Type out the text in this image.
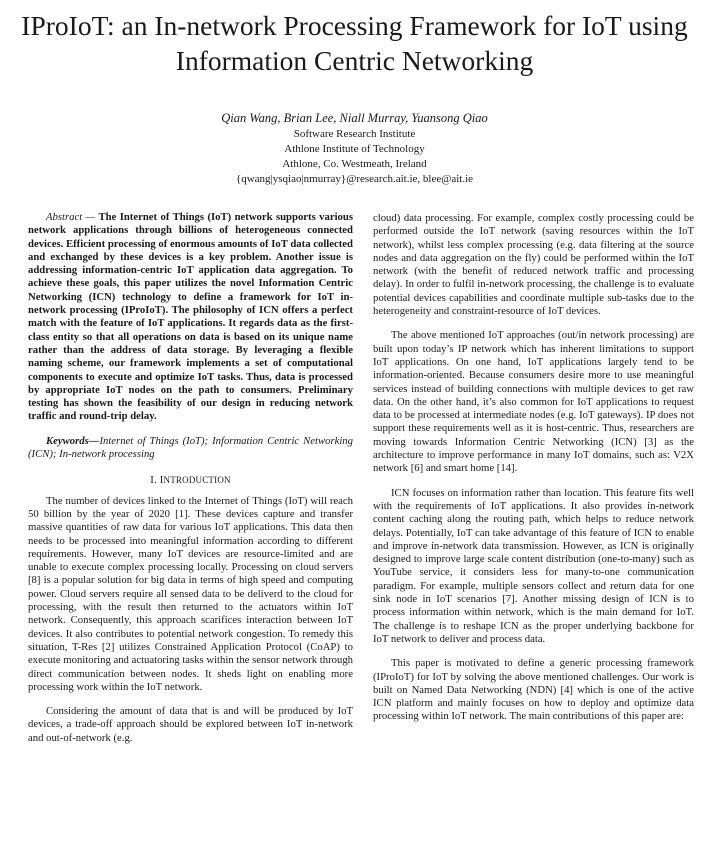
IProIoT: an In-network Processing Framework for IoT using Information Centric Networking
Qian Wang, Brian Lee, Niall Murray, Yuansong Qiao
Software Research Institute
Athlone Institute of Technology
Athlone, Co. Westmeath, Ireland
{qwang|ysqiao|nmurray}@research.ait.ie, blee@ait.ie

Abstract — The Internet of Things (IoT) network supports various network applications through billions of heterogeneous connected devices. Efficient processing of enormous amounts of IoT data collected and exchanged by these devices is a key problem. Another issue is addressing information-centric IoT application data aggregation. To achieve these goals, this paper utilizes the novel Information Centric Networking (ICN) technology to define a framework for IoT in-network processing (IProIoT). The philosophy of ICN offers a perfect match with the feature of IoT applications. It regards data as the first-class entity so that all operations on data is based on its unique name rather than the address of data storage. By leveraging a flexible naming scheme, our framework implements a set of computational components to execute and optimize IoT tasks. Thus, data is processed by appropriate IoT nodes on the path to consumers. Preliminary testing has shown the feasibility of our design in reducing network traffic and round-trip delay.

Keywords—Internet of Things (IoT); Information Centric Networking (ICN); In-network processing

I. INTRODUCTION

The number of devices linked to the Internet of Things (IoT) will reach 50 billion by the year of 2020 [1]. These devices capture and transfer massive quantities of raw data for various IoT applications. This data then needs to be processed into meaningful information according to different requirements. However, many IoT devices are resource-limited and are unable to execute complex processing locally. Processing on cloud servers [8] is a popular solution for big data in terms of high speed and computing power. Cloud servers require all sensed data to be deliverd to the cloud for processing, with the result then returned to the actuators within IoT network. Consequently, this approach scarifices interaction between IoT devices. It also contributes to potential network congestion. To remedy this situation, T-Res [2] utilizes Constrained Application Protocol (CoAP) to execute monitoring and actuatoring tasks within the sensor network through direct communication between nodes. It sheds light on enabling more processing work within the IoT network.

Considering the amount of data that is and will be produced by IoT devices, a trade-off approach should be explored between IoT in-network and out-of-network (e.g.

cloud) data processing. For example, complex costly processing could be performed outside the IoT network (saving resources within the IoT network), whilst less complex processing (e.g. data filtering at the source nodes and data aggregation on the fly) could be performed within the IoT network (with the benefit of reduced network traffic and processing delay). In order to fulfil in-network processing, the challenge is to evaluate potential devices capabilities and coordinate multiple sub-tasks due to the heterogeneity and constraint-resource of IoT devices.

The above mentioned IoT approaches (out/in network processing) are built upon today’s IP network which has inherent limitations to support IoT applications. On one hand, IoT applications largely tend to be information-oriented. Because consumers desire more to use meaningful services instead of building connections with multiple devices to get raw data. On the other hand, it’s also common for IoT applications to request data to be processed at intermediate nodes (e.g. IoT gateways). IP does not support these requirements well as it is host-centric. Thus, researchers are moving towards Information Centric Networking (ICN) [3] as the architecture to improve performance in many IoT domains, such as: V2X network [6] and smart home [14].

ICN focuses on information rather than location. This feature fits well with the requirements of IoT applications. It also provides in-network content caching along the routing path, which helps to reduce network delays. Potentially, IoT can take advantage of this feature of ICN to enable and improve in-network data transmission. However, as ICN is originally designed to improve large scale content distribution (one-to-many) such as YouTube service, it considers less for many-to-one communication paradigm. For example, multiple sensors collect and return data for one sink node in IoT scenarios [7]. Another missing design of ICN is to process information within network, which is the main demand for IoT. The challenge is to reshape ICN as the proper underlying backbone for IoT network to deliver and process data.

This paper is motivated to define a generic processing framework (IProIoT) for IoT by solving the above mentioned challenges. Our work is built on Named Data Networking (NDN) [4] which is one of the active ICN platform and mainly focuses on how to deploy and optimize data processing within IoT network. The main contributions of this paper are:
